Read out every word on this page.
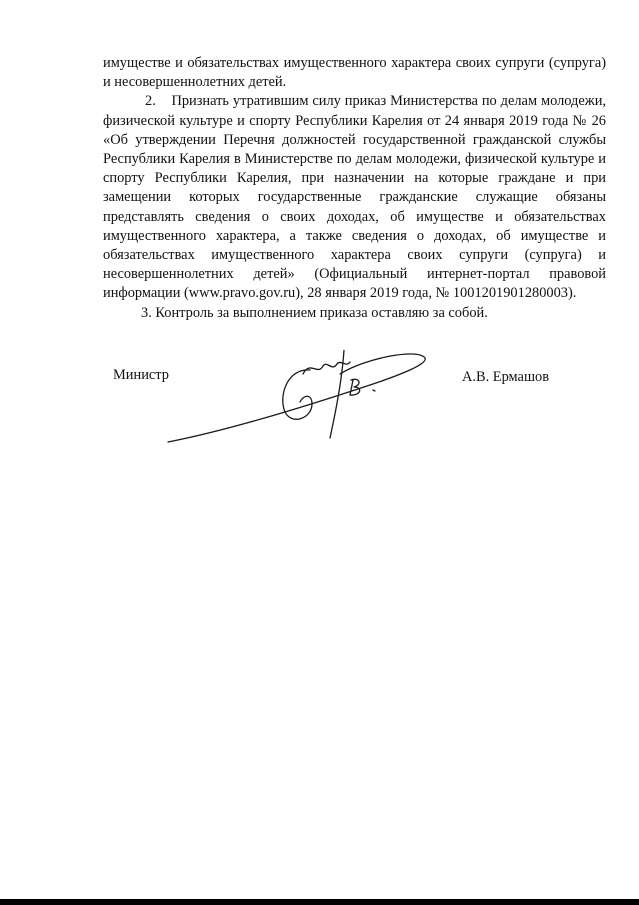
имуществе и обязательствах имущественного характера своих супруги (супруга) и несовершеннолетних детей.

2.    Признать утратившим силу приказ Министерства по делам молодежи, физической культуре и спорту Республики Карелия от 24 января 2019 года № 26 «Об утверждении Перечня должностей государственной гражданской службы Республики Карелия в Министерстве по делам молодежи, физической культуре и спорту Республики Карелия, при назначении на которые граждане и при замещении которых государственные гражданские служащие обязаны представлять сведения о своих доходах, об имуществе и обязательствах имущественного характера, а также сведения о доходах, об имуществе и обязательствах имущественного характера своих супруги (супруга) и несовершеннолетних детей» (Официальный интернет-портал правовой информации (www.pravo.gov.ru), 28 января 2019 года, № 1001201901280003).

3. Контроль за выполнением приказа оставляю за собой.

Министр	А.В. Ермашов
